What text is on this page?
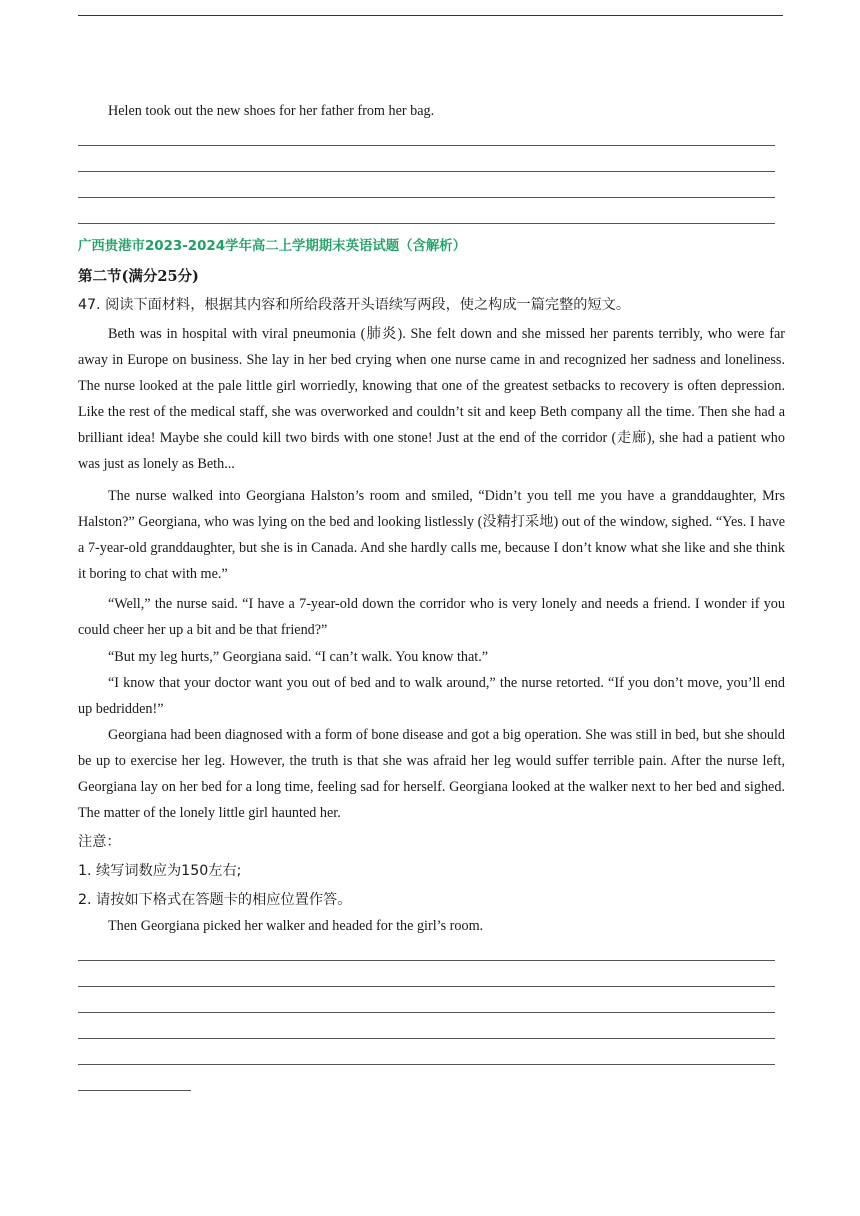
Helen took out the new shoes for her father from her bag.

广西贵港市2023-2024学年高二上学期期末英语试题（含解析）

第二节(满分25分)

47. 阅读下面材料，根据其内容和所给段落开头语续写两段，使之构成一篇完整的短文。

Beth was in hospital with viral pneumonia (肺炎). She felt down and she missed her parents terribly, who were far away in Europe on business. She lay in her bed crying when one nurse came in and recognized her sadness and loneliness. The nurse looked at the pale little girl worriedly, knowing that one of the greatest setbacks to recovery is often depression. Like the rest of the medical staff, she was overworked and couldn’t sit and keep Beth company all the time. Then she had a brilliant idea! Maybe she could kill two birds with one stone! Just at the end of the corridor (走廊), she had a patient who was just as lonely as Beth...

The nurse walked into Georgiana Halston’s room and smiled, “Didn’t you tell me you have a granddaughter, Mrs Halston?” Georgiana, who was lying on the bed and looking listlessly (没精打采地) out of the window, sighed. “Yes. I have a 7-year-old granddaughter, but she is in Canada. And she hardly calls me, because I don’t know what she like and she think it boring to chat with me.”

“Well,” the nurse said. “I have a 7-year-old down the corridor who is very lonely and needs a friend. I wonder if you could cheer her up a bit and be that friend?”

“But my leg hurts,” Georgiana said. “I can’t walk. You know that.”

“I know that your doctor want you out of bed and to walk around,” the nurse retorted. “If you don’t move, you’ll end up bedridden!”

Georgiana had been diagnosed with a form of bone disease and got a big operation. She was still in bed, but she should be up to exercise her leg. However, the truth is that she was afraid her leg would suffer terrible pain. After the nurse left, Georgiana lay on her bed for a long time, feeling sad for herself. Georgiana looked at the walker next to her bed and sighed. The matter of the lonely little girl haunted her.

注意：

1. 续写词数应为150左右;

2. 请按如下格式在答题卡的相应位置作答。

Then Georgiana picked her walker and headed for the girl’s room.
